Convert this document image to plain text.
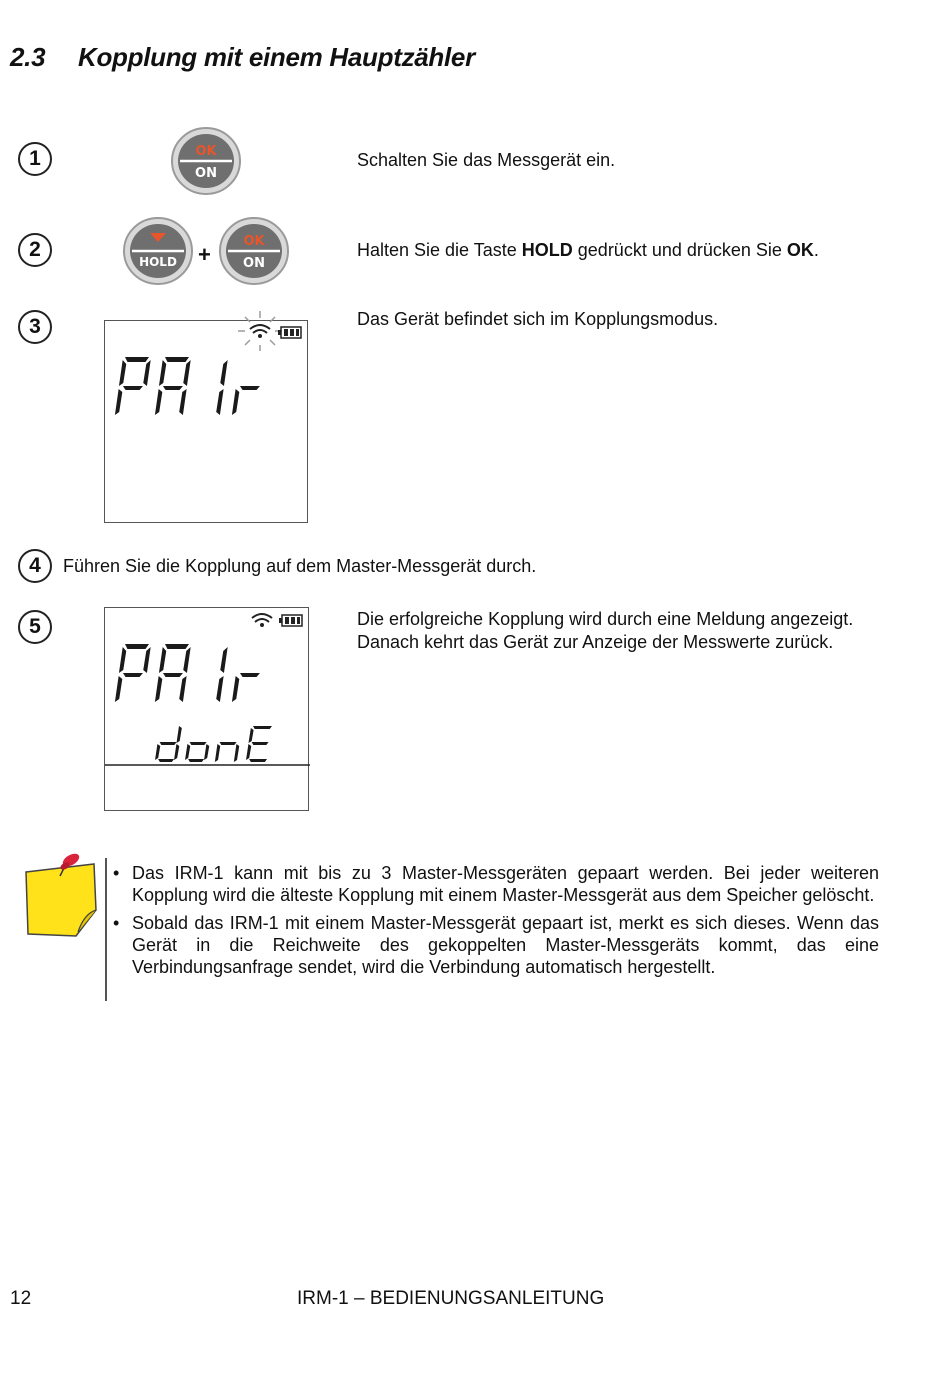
2.3 Kopplung mit einem Hauptzähler
1	OK
ON
Schalten Sie das Messgerät ein.
2
HOLD +
OK
ON
Halten Sie die Taste HOLD gedrückt und drücken Sie OK.
3	Das Gerät befindet sich im Kopplungsmodus.
4	Führen Sie die Kopplung auf dem Master-Messgerät durch.
5	Die erfolgreiche Kopplung wird durch eine Meldung angezeigt.
Danach kehrt das Gerät zur Anzeige der Messwerte zurück.
• Das IRM-1 kann mit bis zu 3 Master-Messgeräten gepaart werden. Bei jeder weiteren Kopplung wird die älteste Kopplung mit einem Master-Messgerät aus dem Speicher gelöscht.
• Sobald das IRM-1 mit einem Master-Messgerät gepaart ist, merkt es sich dieses. Wenn das Gerät in die Reichweite des gekoppelten Master-Messgeräts kommt, das eine Verbindungsanfrage sendet, wird die Verbindung automatisch hergestellt.
12	IRM-1 – BEDIENUNGSANLEITUNG
